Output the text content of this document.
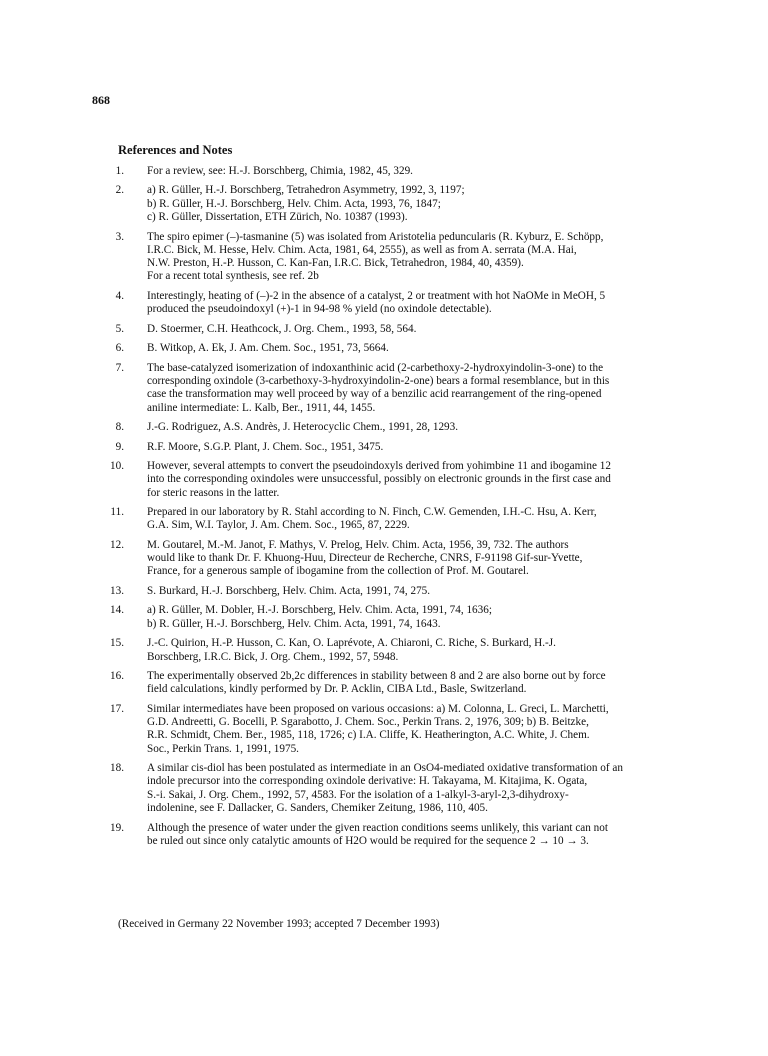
868
References and Notes
1.	For a review, see: H.-J. Borschberg, Chimia, 1982, 45, 329.
2.	a) R. Güller, H.-J. Borschberg, Tetrahedron Asymmetry, 1992, 3, 1197;
b) R. Güller, H.-J. Borschberg, Helv. Chim. Acta, 1993, 76, 1847;
c) R. Güller, Dissertation, ETH Zürich, No. 10387 (1993).
3.	The spiro epimer (–)-tasmanine (5) was isolated from Aristotelia peduncularis (R. Kyburz, E. Schöpp,
I.R.C. Bick, M. Hesse, Helv. Chim. Acta, 1981, 64, 2555), as well as from A. serrata (M.A. Hai,
N.W. Preston, H.-P. Husson, C. Kan-Fan, I.R.C. Bick, Tetrahedron, 1984, 40, 4359).
For a recent total synthesis, see ref. 2b
4.	Interestingly, heating of (–)-2 in the absence of a catalyst, 2 or treatment with hot NaOMe in MeOH, 5
produced the pseudoindoxyl (+)-1 in 94-98 % yield (no oxindole detectable).
5.	D. Stoermer, C.H. Heathcock, J. Org. Chem., 1993, 58, 564.
6.	B. Witkop, A. Ek, J. Am. Chem. Soc., 1951, 73, 5664.
7.	The base-catalyzed isomerization of indoxanthinic acid (2-carbethoxy-2-hydroxyindolin-3-one) to the
corresponding oxindole (3-carbethoxy-3-hydroxyindolin-2-one) bears a formal resemblance, but in this
case the transformation may well proceed by way of a benzilic acid rearrangement of the ring-opened
aniline intermediate: L. Kalb, Ber., 1911, 44, 1455.
8.	J.-G. Rodriguez, A.S. Andrès, J. Heterocyclic Chem., 1991, 28, 1293.
9.	R.F. Moore, S.G.P. Plant, J. Chem. Soc., 1951, 3475.
10.	However, several attempts to convert the pseudoindoxyls derived from yohimbine 11 and ibogamine 12
into the corresponding oxindoles were unsuccessful, possibly on electronic grounds in the first case and
for steric reasons in the latter.
11.	Prepared in our laboratory by R. Stahl according to N. Finch, C.W. Gemenden, I.H.-C. Hsu, A. Kerr,
G.A. Sim, W.I. Taylor, J. Am. Chem. Soc., 1965, 87, 2229.
12.	M. Goutarel, M.-M. Janot, F. Mathys, V. Prelog, Helv. Chim. Acta, 1956, 39, 732. The authors
would like to thank Dr. F. Khuong-Huu, Directeur de Recherche, CNRS, F-91198 Gif-sur-Yvette,
France, for a generous sample of ibogamine from the collection of Prof. M. Goutarel.
13.	S. Burkard, H.-J. Borschberg, Helv. Chim. Acta, 1991, 74, 275.
14.	a) R. Güller, M. Dobler, H.-J. Borschberg, Helv. Chim. Acta, 1991, 74, 1636;
b) R. Güller, H.-J. Borschberg, Helv. Chim. Acta, 1991, 74, 1643.
15.	J.-C. Quirion, H.-P. Husson, C. Kan, O. Laprévote, A. Chiaroni, C. Riche, S. Burkard, H.-J.
Borschberg, I.R.C. Bick, J. Org. Chem., 1992, 57, 5948.
16.	The experimentally observed 2b,2c differences in stability between 8 and 2 are also borne out by force
field calculations, kindly performed by Dr. P. Acklin, CIBA Ltd., Basle, Switzerland.
17.	Similar intermediates have been proposed on various occasions: a) M. Colonna, L. Greci, L. Marchetti,
G.D. Andreetti, G. Bocelli, P. Sgarabotto, J. Chem. Soc., Perkin Trans. 2, 1976, 309; b) B. Beitzke,
R.R. Schmidt, Chem. Ber., 1985, 118, 1726; c) I.A. Cliffe, K. Heatherington, A.C. White, J. Chem.
Soc., Perkin Trans. 1, 1991, 1975.
18.	A similar cis-diol has been postulated as intermediate in an OsO4-mediated oxidative transformation of an
indole precursor into the corresponding oxindole derivative: H. Takayama, M. Kitajima, K. Ogata,
S.-i. Sakai, J. Org. Chem., 1992, 57, 4583. For the isolation of a 1-alkyl-3-aryl-2,3-dihydroxy-
indolenine, see F. Dallacker, G. Sanders, Chemiker Zeitung, 1986, 110, 405.
19.	Although the presence of water under the given reaction conditions seems unlikely, this variant can not
be ruled out since only catalytic amounts of H2O would be required for the sequence 2 → 10 → 3.
(Received in Germany 22 November 1993; accepted 7 December 1993)
